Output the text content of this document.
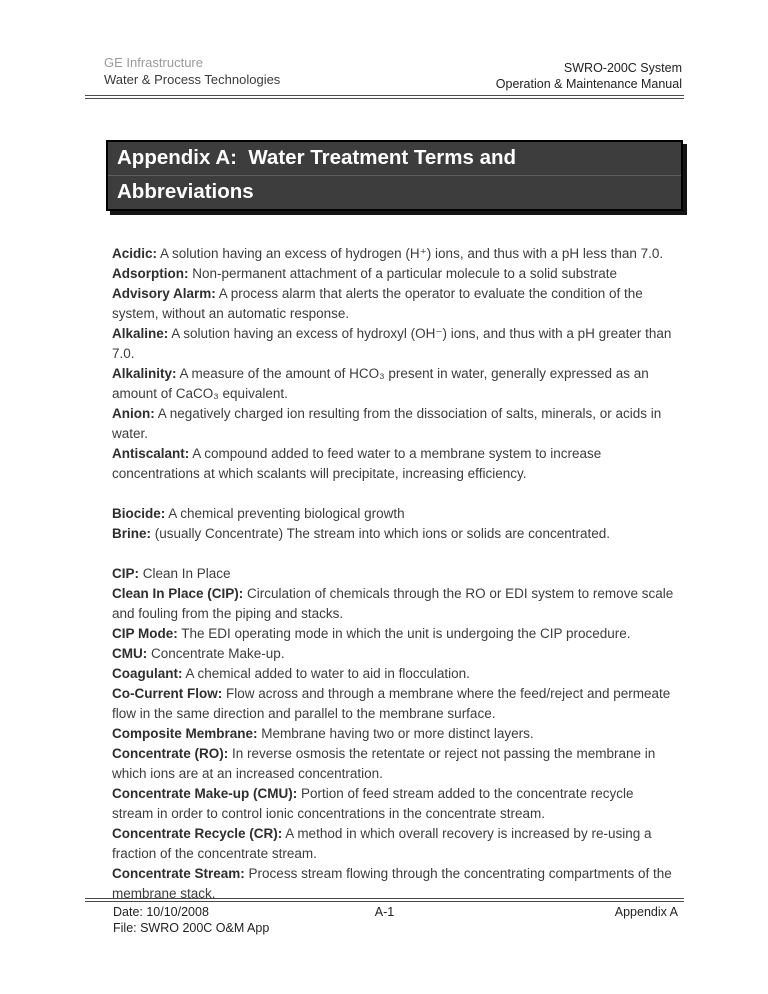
GE Infrastructure
Water & Process Technologies
SWRO-200C System
Operation & Maintenance Manual
Appendix A:  Water Treatment Terms and
Abbreviations

Acidic: A solution having an excess of hydrogen (H⁺) ions, and thus with a pH less than 7.0.

Adsorption: Non-permanent attachment of a particular molecule to a solid substrate

Advisory Alarm: A process alarm that alerts the operator to evaluate the condition of the system, without an automatic response.

Alkaline: A solution having an excess of hydroxyl (OH⁻) ions, and thus with a pH greater than 7.0.

Alkalinity: A measure of the amount of HCO₃ present in water, generally expressed as an amount of CaCO₃ equivalent.

Anion: A negatively charged ion resulting from the dissociation of salts, minerals, or acids in water.

Antiscalant: A compound added to feed water to a membrane system to increase concentrations at which scalants will precipitate, increasing efficiency.

Biocide: A chemical preventing biological growth

Brine: (usually Concentrate) The stream into which ions or solids are concentrated.

CIP: Clean In Place

Clean In Place (CIP): Circulation of chemicals through the RO or EDI system to remove scale and fouling from the piping and stacks.

CIP Mode: The EDI operating mode in which the unit is undergoing the CIP procedure.

CMU: Concentrate Make-up.

Coagulant: A chemical added to water to aid in flocculation.

Co-Current Flow: Flow across and through a membrane where the feed/reject and permeate flow in the same direction and parallel to the membrane surface.

Composite Membrane: Membrane having two or more distinct layers.

Concentrate (RO): In reverse osmosis the retentate or reject not passing the membrane in which ions are at an increased concentration.

Concentrate Make-up (CMU): Portion of feed stream added to the concentrate recycle stream in order to control ionic concentrations in the concentrate stream.

Concentrate Recycle (CR): A method in which overall recovery is increased by re-using a fraction of the concentrate stream.

Concentrate Stream: Process stream flowing through the concentrating compartments of the membrane stack.

Date: 10/10/2008
File: SWRO 200C O&M App
A-1	Appendix A
